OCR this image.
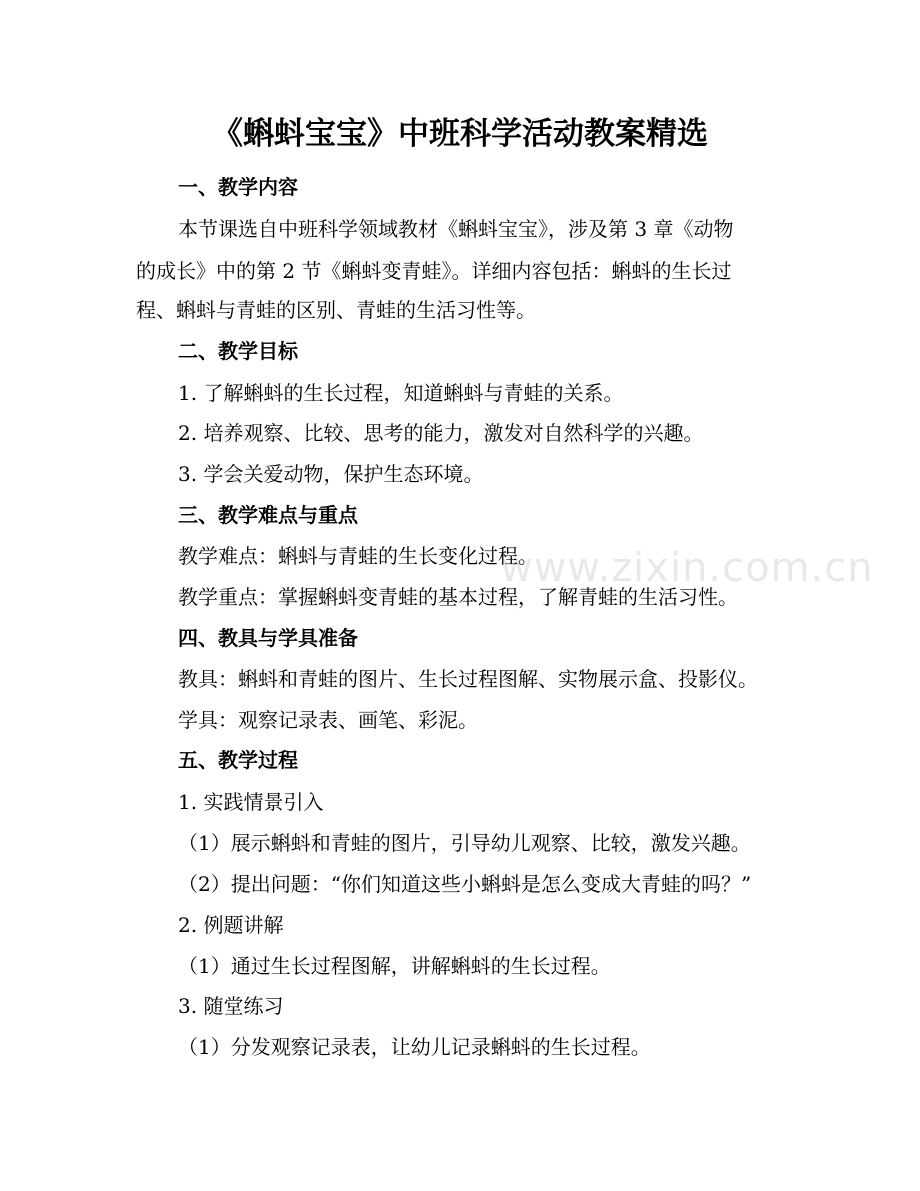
www.zixin.com.cn
《蝌蚪宝宝》中班科学活动教案精选
一、教学内容
本节课选自中班科学领域教材《蝌蚪宝宝》，涉及第 3 章《动物
的成长》中的第 2 节《蝌蚪变青蛙》。详细内容包括：蝌蚪的生长过
程、蝌蚪与青蛙的区别、青蛙的生活习性等。
二、教学目标
1. 了解蝌蚪的生长过程，知道蝌蚪与青蛙的关系。
2. 培养观察、比较、思考的能力，激发对自然科学的兴趣。
3. 学会关爱动物，保护生态环境。
三、教学难点与重点
教学难点：蝌蚪与青蛙的生长变化过程。
教学重点：掌握蝌蚪变青蛙的基本过程，了解青蛙的生活习性。
四、教具与学具准备
教具：蝌蚪和青蛙的图片、生长过程图解、实物展示盒、投影仪。
学具：观察记录表、画笔、彩泥。
五、教学过程
1. 实践情景引入
（1）展示蝌蚪和青蛙的图片，引导幼儿观察、比较，激发兴趣。
（2）提出问题：“你们知道这些小蝌蚪是怎么变成大青蛙的吗？”
2. 例题讲解
（1）通过生长过程图解，讲解蝌蚪的生长过程。
3. 随堂练习
（1）分发观察记录表，让幼儿记录蝌蚪的生长过程。
